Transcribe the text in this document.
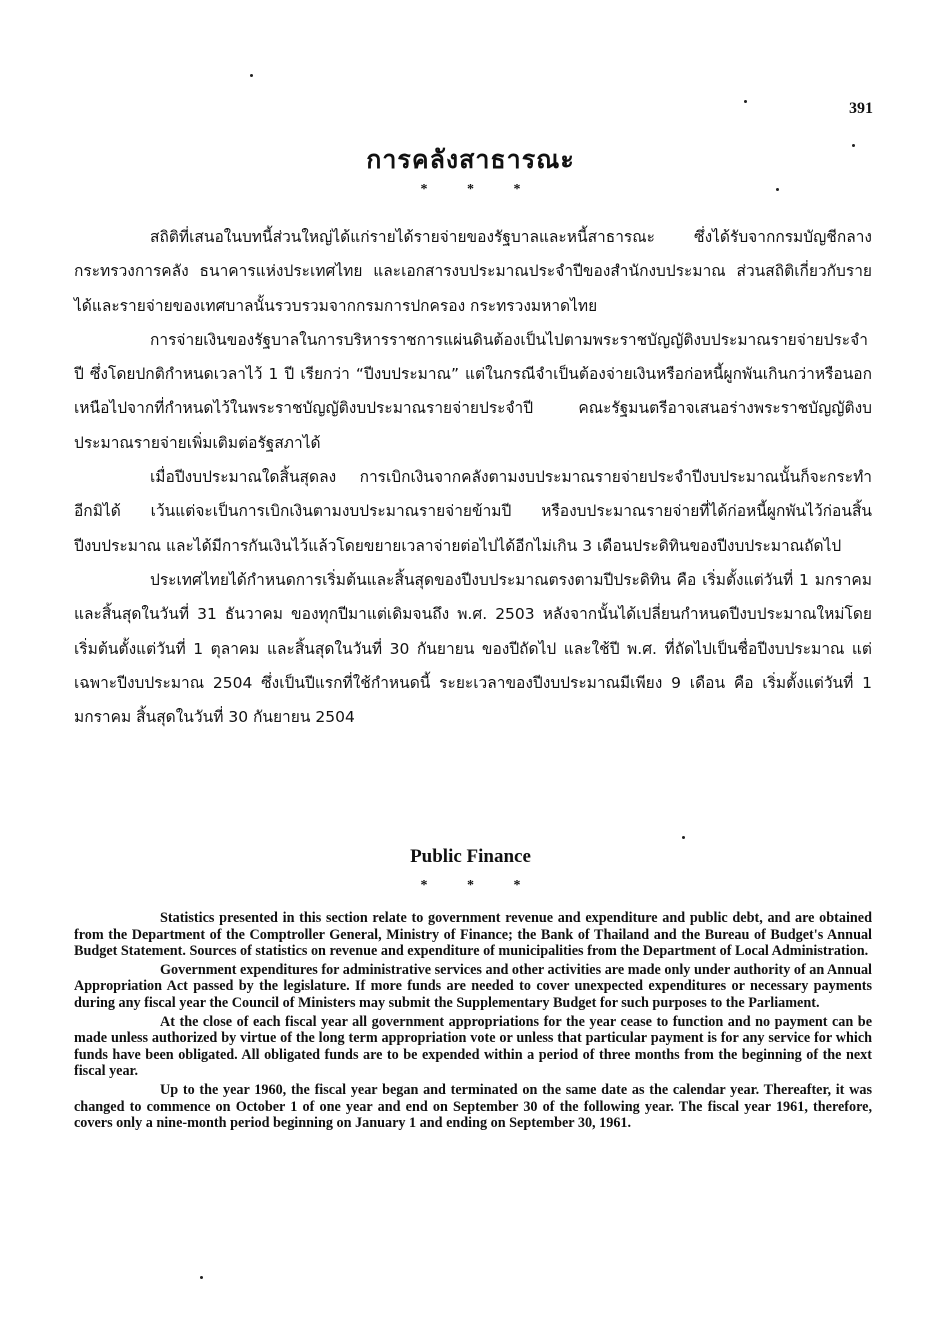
391
การคลังสาธารณะ
* * *

สถิติที่เสนอในบทนี้ส่วนใหญ่ได้แก่รายได้รายจ่ายของรัฐบาลและหนี้สาธารณะ ซึ่งได้รับจากกรมบัญชีกลาง กระทรวงการคลัง ธนาคารแห่งประเทศไทย และเอกสารงบประมาณประจำปีของสำนักงบประมาณ ส่วนสถิติเกี่ยวกับรายได้และรายจ่ายของเทศบาลนั้นรวบรวมจากกรมการปกครอง กระทรวงมหาดไทย

การจ่ายเงินของรัฐบาลในการบริหารราชการแผ่นดินต้องเป็นไปตามพระราชบัญญัติงบประมาณรายจ่ายประจำปี ซึ่งโดยปกติกำหนดเวลาไว้ 1 ปี เรียกว่า “ปีงบประมาณ” แต่ในกรณีจำเป็นต้องจ่ายเงินหรือก่อหนี้ผูกพันเกินกว่าหรือนอกเหนือไปจากที่กำหนดไว้ในพระราชบัญญัติงบประมาณรายจ่ายประจำปี คณะรัฐมนตรีอาจเสนอร่างพระราชบัญญัติงบประมาณรายจ่ายเพิ่มเติมต่อรัฐสภาได้

เมื่อปีงบประมาณใดสิ้นสุดลง การเบิกเงินจากคลังตามงบประมาณรายจ่ายประจำปีงบประมาณนั้นก็จะกระทำอีกมิได้ เว้นแต่จะเป็นการเบิกเงินตามงบประมาณรายจ่ายข้ามปี หรืองบประมาณรายจ่ายที่ได้ก่อหนี้ผูกพันไว้ก่อนสิ้นปีงบประมาณ และได้มีการกันเงินไว้แล้วโดยขยายเวลาจ่ายต่อไปได้อีกไม่เกิน 3 เดือนประดิทินของปีงบประมาณถัดไป

ประเทศไทยได้กำหนดการเริ่มต้นและสิ้นสุดของปีงบประมาณตรงตามปีประดิทิน คือ เริ่มตั้งแต่วันที่ 1 มกราคม และสิ้นสุดในวันที่ 31 ธันวาคม ของทุกปีมาแต่เดิมจนถึง พ.ศ. 2503 หลังจากนั้นได้เปลี่ยนกำหนดปีงบประมาณใหม่โดยเริ่มต้นตั้งแต่วันที่ 1 ตุลาคม และสิ้นสุดในวันที่ 30 กันยายน ของปีถัดไป และใช้ปี พ.ศ. ที่ถัดไปเป็นชื่อปีงบประมาณ แต่เฉพาะปีงบประมาณ 2504 ซึ่งเป็นปีแรกที่ใช้กำหนดนี้ ระยะเวลาของปีงบประมาณมีเพียง 9 เดือน คือ เริ่มตั้งแต่วันที่ 1 มกราคม สิ้นสุดในวันที่ 30 กันยายน 2504

Public Finance
* * *

Statistics presented in this section relate to government revenue and expenditure and public debt, and are obtained from the Department of the Comptroller General, Ministry of Finance; the Bank of Thailand and the Bureau of Budget's Annual Budget Statement. Sources of statistics on revenue and expenditure of municipalities from the Department of Local Administration.

Government expenditures for administrative services and other activities are made only under authority of an Annual Appropriation Act passed by the legislature. If more funds are needed to cover unexpected expenditures or necessary payments during any fiscal year the Council of Ministers may submit the Supplementary Budget for such purposes to the Parliament.

At the close of each fiscal year all government appropriations for the year cease to function and no payment can be made unless authorized by virtue of the long term appropriation vote or unless that particular payment is for any service for which funds have been obligated. All obligated funds are to be expended within a period of three months from the beginning of the next fiscal year.

Up to the year 1960, the fiscal year began and terminated on the same date as the calendar year. Thereafter, it was changed to commence on October 1 of one year and end on September 30 of the following year. The fiscal year 1961, therefore, covers only a nine-month period beginning on January 1 and ending on September 30, 1961.
